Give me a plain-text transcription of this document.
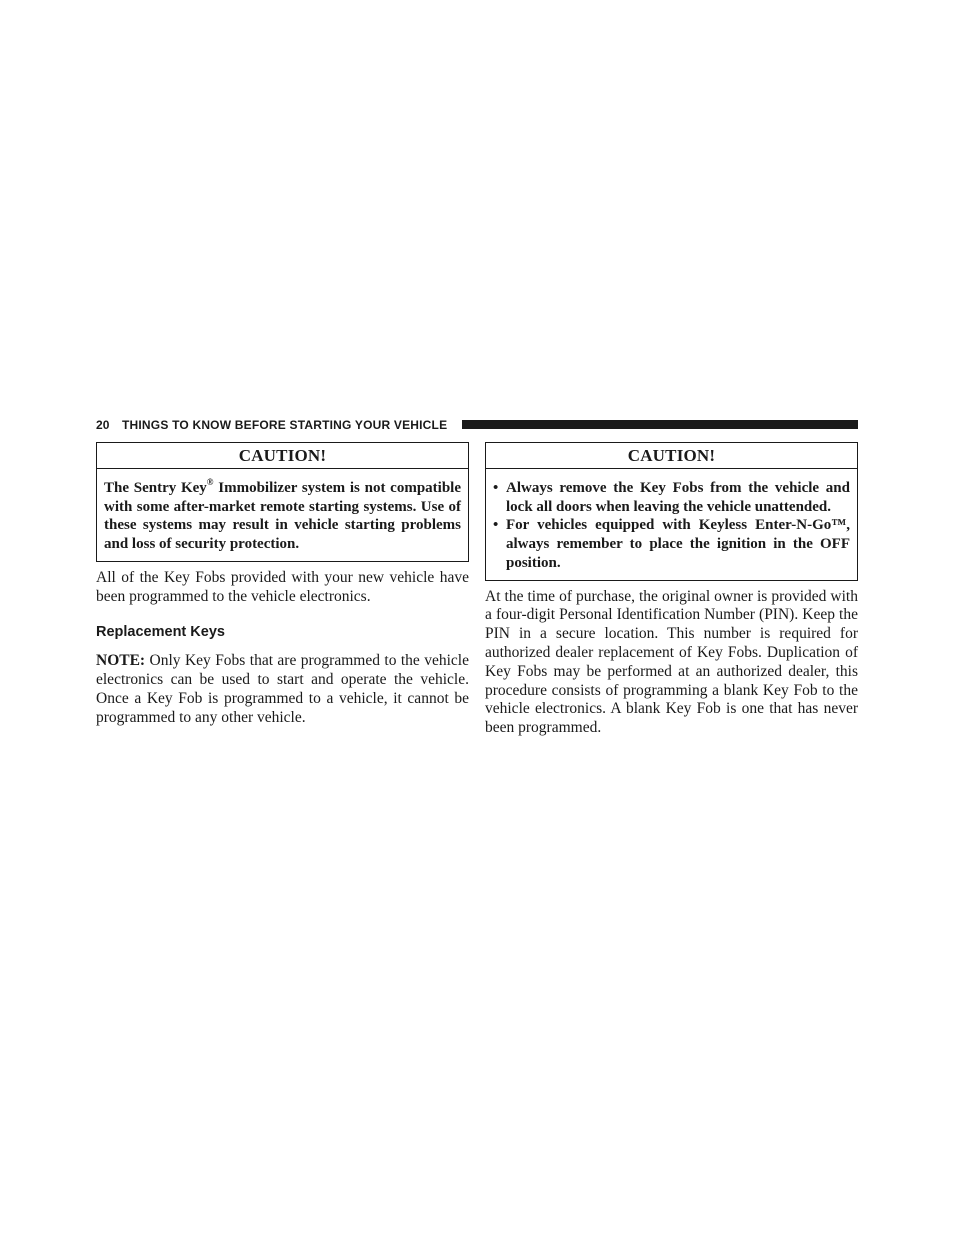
20 THINGS TO KNOW BEFORE STARTING YOUR VEHICLE
CAUTION!

The Sentry Key® Immobilizer system is not compatible with some after-market remote starting systems. Use of these systems may result in vehicle starting problems and loss of security protection.

All of the Key Fobs provided with your new vehicle have been programmed to the vehicle electronics.

Replacement Keys

NOTE: Only Key Fobs that are programmed to the vehicle electronics can be used to start and operate the vehicle. Once a Key Fob is programmed to a vehicle, it cannot be programmed to any other vehicle.

CAUTION!
• Always remove the Key Fobs from the vehicle and lock all doors when leaving the vehicle unattended.
• For vehicles equipped with Keyless Enter-N-Go™, always remember to place the ignition in the OFF position.

At the time of purchase, the original owner is provided with a four-digit Personal Identification Number (PIN). Keep the PIN in a secure location. This number is required for authorized dealer replacement of Key Fobs. Duplication of Key Fobs may be performed at an authorized dealer, this procedure consists of programming a blank Key Fob to the vehicle electronics. A blank Key Fob is one that has never been programmed.
